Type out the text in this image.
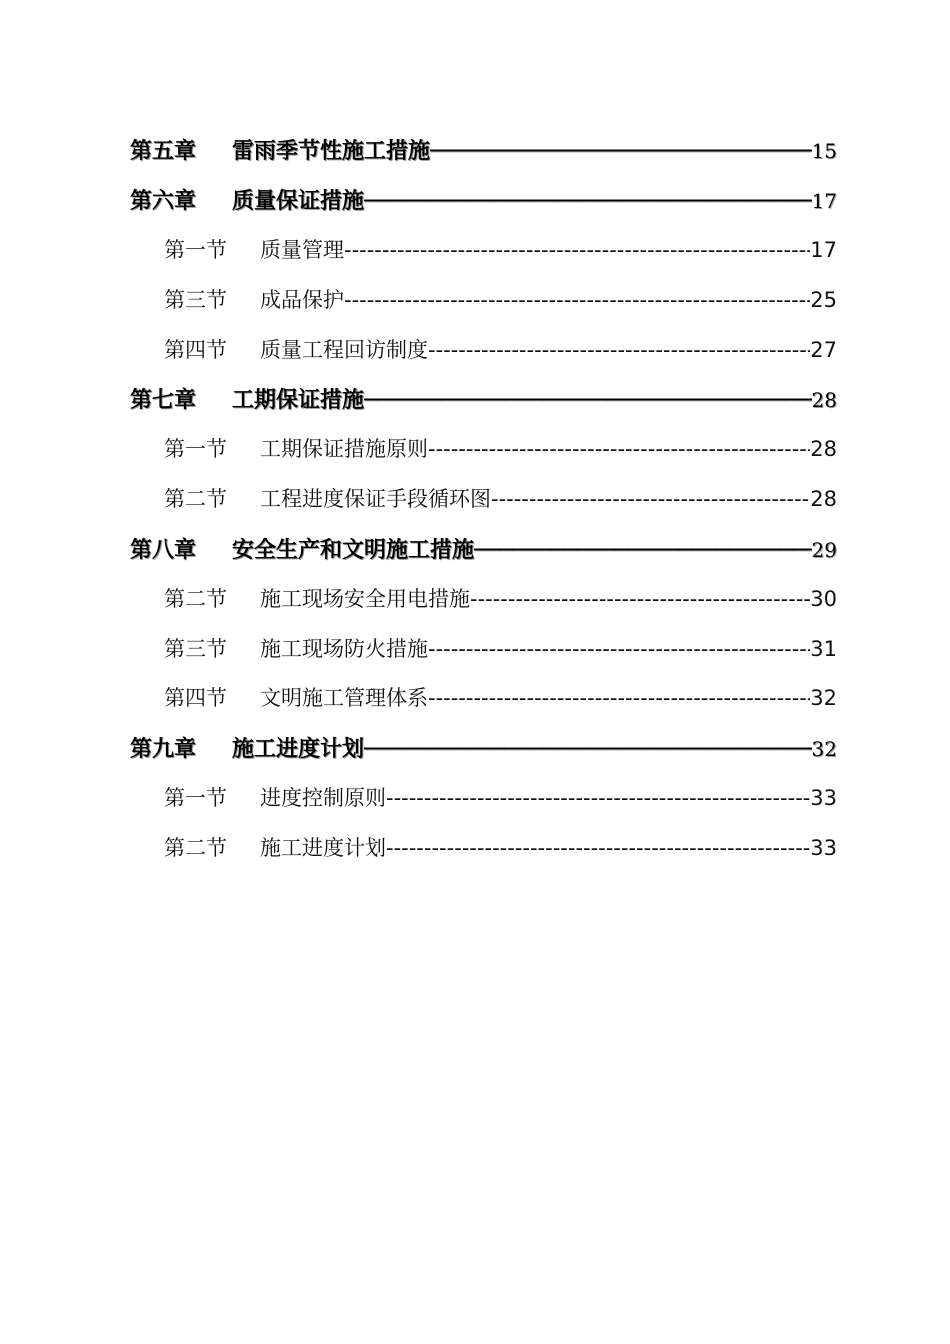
第五章	雷雨季节性施工措施 ────────────────────────────────────────────────────────────────────────────────	15
第六章	质量保证措施 ────────────────────────────────────────────────────────────────────────────────	17
第一节	质量管理 -----	17
第三节	成品保护 -----	25
第四节	质量工程回访制度 -----	27
第七章	工期保证措施 ────────────────────────────────────────────────────────────────────────────────	28
第一节	工期保证措施原则 -----	28
第二节	工程进度保证手段循环图 -----	28
第八章	安全生产和文明施工措施 ────────────────────────────────────────────────────────────────────────────────	29
第二节	施工现场安全用电措施 -----	30
第三节	施工现场防火措施 -----	31
第四节	文明施工管理体系 -----	32
第九章	施工进度计划 ────────────────────────────────────────────────────────────────────────────────	32
第一节	进度控制原则 -----	33
第二节	施工进度计划 -----	33
